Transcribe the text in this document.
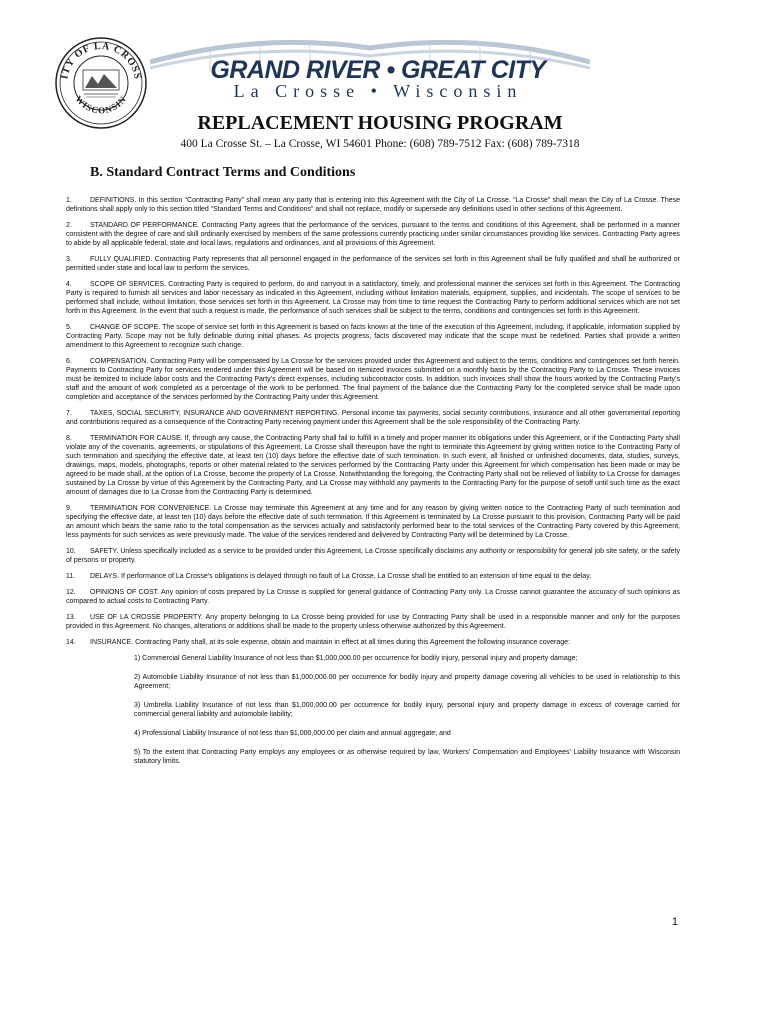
ITY OF LA CROSS
WISCONSIN
GRAND RIVER • GREAT CITY
La Crosse • Wisconsin
REPLACEMENT HOUSING PROGRAM
400 La Crosse St. – La Crosse, WI 54601 Phone: (608) 789-7512 Fax: (608) 789-7318
B. Standard Contract Terms and Conditions
1.	DEFINITIONS. In this section “Contracting Party” shall mean any party that is entering into this Agreement with the City of La Crosse. “La Crosse” shall mean the City of La Crosse. These definitions shall apply only to this section titled “Standard Terms and Conditions” and shall not replace, modify or supersede any definitions used in other sections of this Agreement.
2.	STANDARD OF PERFORMANCE. Contracting Party agrees that the performance of the services, pursuant to the terms and conditions of this Agreement, shall be performed in a manner consistent with the degree of care and skill ordinarily exercised by members of the same professions currently practicing under similar circumstances providing like services. Contracting Party agrees to abide by all applicable federal, state and local laws, regulations and ordinances, and all provisions of this Agreement.
3.	FULLY QUALIFIED. Contracting Party represents that all personnel engaged in the performance of the services set forth in this Agreement shall be fully qualified and shall be authorized or permitted under state and local law to perform the services.
4.	SCOPE OF SERVICES. Contracting Party is required to perform, do and carryout in a satisfactory, timely, and professional manner the services set forth in this Agreement. The Contracting Party is required to furnish all services and labor necessary as indicated in this Agreement, including without limitation materials, equipment, supplies, and incidentals. The scope of services to be performed shall include, without limitation, those services set forth in this Agreement. La Crosse may from time to time request the Contracting Party to perform additional services which are not set forth in this Agreement. In the event that such a request is made, the performance of such services shall be subject to the terms, conditions and contingencies set forth in this Agreement.
5.	CHANGE OF SCOPE. The scope of service set forth in this Agreement is based on facts known at the time of the execution of this Agreement, including, if applicable, information supplied by Contracting Party. Scope may not be fully definable during initial phases. As projects progress, facts discovered may indicate that the scope must be redefined. Parties shall provide a written amendment to this Agreement to recognize such change.
6.	COMPENSATION. Contracting Party will be compensated by La Crosse for the services provided under this Agreement and subject to the terms, conditions and contingences set forth herein. Payments to Contracting Party for services rendered under this Agreement will be based on itemized invoices submitted on a monthly basis by the Contracting Party to La Crosse. These invoices must be itemized to include labor costs and the Contracting Party’s direct expenses, including subcontractor costs. In addition, such invoices shall show the hours worked by the Contracting Party’s staff and the amount of work completed as a percentage of the work to be performed. The final payment of the balance due the Contracting Party for the completed service shall be made upon completion and acceptance of the services performed by the Contracting Party under this Agreement.
7.	TAXES, SOCIAL SECURITY, INSURANCE AND GOVERNMENT REPORTING. Personal income tax payments, social security contributions, insurance and all other governmental reporting and contributions required as a consequence of the Contracting Party receiving payment under this Agreement shall be the sole responsibility of the Contracting Party.
8.	TERMINATION FOR CAUSE. If, through any cause, the Contracting Party shall fail to fulfill in a timely and proper manner its obligations under this Agreement, or if the Contracting Party shall violate any of the covenants, agreements, or stipulations of this Agreement, La Crosse shall thereupon have the right to terminate this Agreement by giving written notice to the Contracting Party of such termination and specifying the effective date, at least ten (10) days before the effective date of such termination. In such event, all finished or unfinished documents, data, studies, surveys, drawings, maps, models, photographs, reports or other material related to the services performed by the Contracting Party under this Agreement for which compensation has been made or may be agreed to be made shall, at the option of La Crosse, become the property of La Crosse. Notwithstanding the foregoing, the Contracting Party shall not be relieved of liability to La Crosse for damages sustained by La Crosse by virtue of this Agreement by the Contracting Party, and La Crosse may withhold any payments to the Contracting Party for the purpose of setoff until such time as the exact amount of damages due to La Crosse from the Contracting Party is determined.
9.	TERMINATION FOR CONVENIENCE. La Crosse may terminate this Agreement at any time and for any reason by giving written notice to the Contracting Party of such termination and specifying the effective date, at least ten (10) days before the effective date of such termination. If this Agreement is terminated by La Crosse pursuant to this provision, Contracting Party will be paid an amount which bears the same ratio to the total compensation as the services actually and satisfactorily performed bear to the total services of the Contracting Party covered by this Agreement, less payments for such services as were previously made. The value of the services rendered and delivered by Contracting Party will be determined by La Crosse.
10. SAFETY. Unless specifically included as a service to be provided under this Agreement, La Crosse specifically disclaims any authority or responsibility for general job site safety, or the safety of persons or property.
11. DELAYS. If performance of La Crosse’s obligations is delayed through no fault of La Crosse, La Crosse shall be entitled to an extension of time equal to the delay.
12. OPINIONS OF COST. Any opinion of costs prepared by La Crosse is supplied for general guidance of Contracting Party only. La Crosse cannot guarantee the accuracy of such opinions as compared to actual costs to Contracting Party.
13. USE OF LA CROSSE PROPERTY. Any property belonging to La Crosse being provided for use by Contracting Party shall be used in a responsible manner and only for the purposes provided in this Agreement. No changes, alterations or additions shall be made to the property unless otherwise authorized by this Agreement.
14. INSURANCE. Contracting Party shall, at its sole expense, obtain and maintain in effect at all times during this Agreement the following insurance coverage:
1) Commercial General Liability Insurance of not less than $1,000,000.00 per occurrence for bodily injury, personal injury and property damage;
2) Automobile Liability Insurance of not less than $1,000,000.00 per occurrence for bodily injury and property damage covering all vehicles to be used in relationship to this Agreement;
3) Umbrella Liability Insurance of not less than $1,000,000.00 per occurrence for bodily injury, personal injury and property damage in excess of coverage carried for commercial general liability and automobile liability;
4) Professional Liability Insurance of not less than $1,000,000.00 per claim and annual aggregate; and
5) To the extent that Contracting Party employs any employees or as otherwise required by law, Workers’ Compensation and Employees’ Liability Insurance with Wisconsin statutory limits.
1
